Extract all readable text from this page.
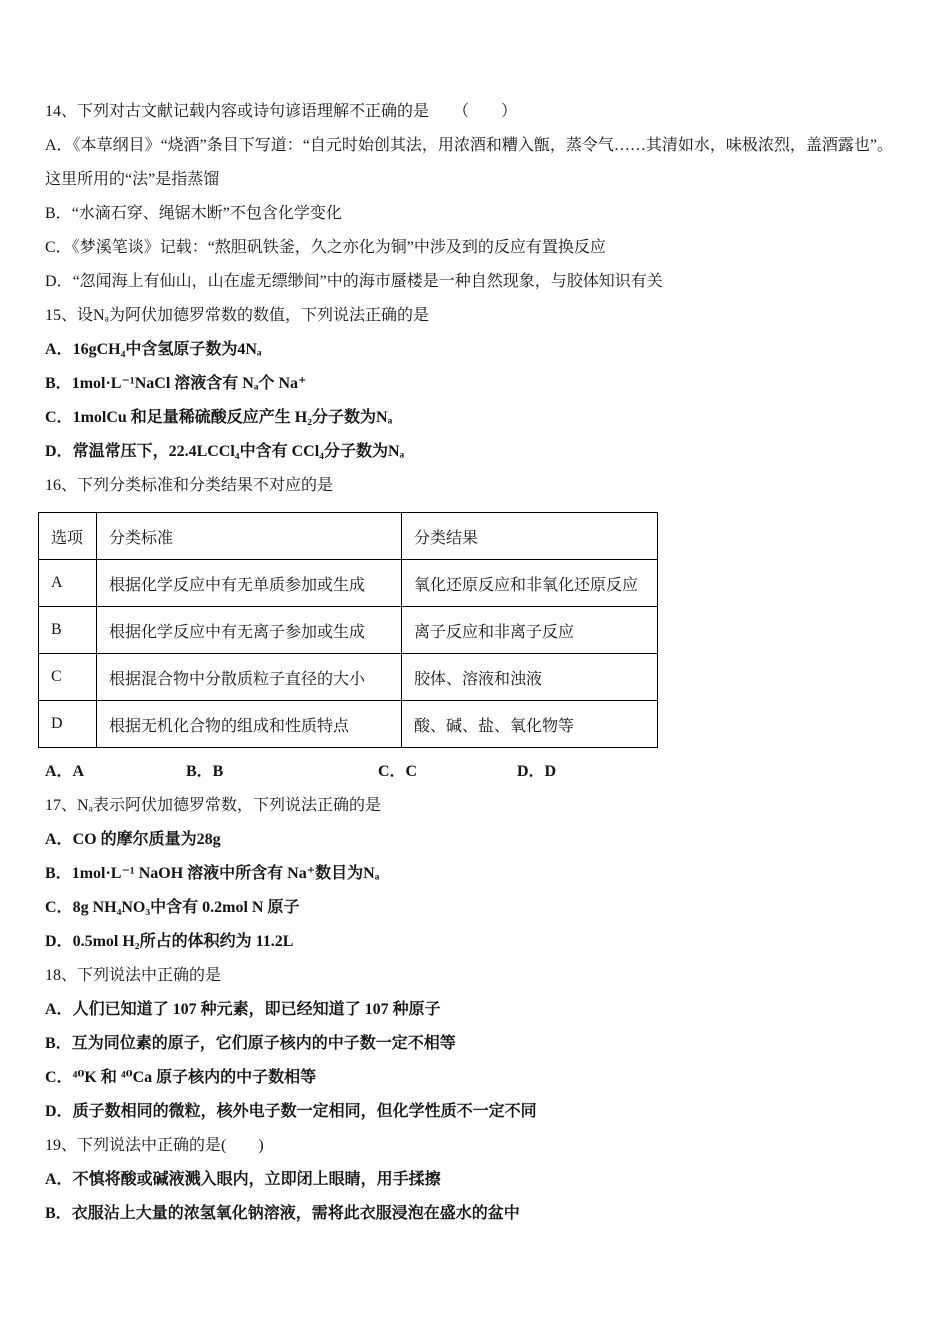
14、下列对古文献记载内容或诗句谚语理解不正确的是　　（　　）

A．《本草纲目》“烧酒”条目下写道：“自元时始创其法，用浓酒和糟入甑，蒸令气……其清如水，味极浓烈，盖酒露也”。这里所用的“法”是指蒸馏

B．“水滴石穿、绳锯木断”不包含化学变化

C．《梦溪笔谈》记载：“熬胆矾铁釜，久之亦化为铜”中涉及到的反应有置换反应

D．“忽闻海上有仙山，山在虚无缥缈间”中的海市蜃楼是一种自然现象，与胶体知识有关

15、设Nₐ为阿伏加德罗常数的数值，下列说法正确的是

A．16gCH₄中含氢原子数为4Nₐ

B．1mol·L⁻¹NaCl 溶液含有 Nₐ个 Na⁺

C．1molCu 和足量稀硫酸反应产生 H₂分子数为Nₐ

D．常温常压下，22.4LCCl₄中含有 CCl₄分子数为Nₐ

16、下列分类标准和分类结果不对应的是

选项	分类标准	分类结果
A	根据化学反应中有无单质参加或生成	氧化还原反应和非氧化还原反应
B	根据化学反应中有无离子参加或生成	离子反应和非离子反应
C	根据混合物中分散质粒子直径的大小	胶体、溶液和浊液
D	根据无机化合物的组成和性质特点	酸、碱、盐、氧化物等
A．A	B．B	C．C	D．D

17、Nₐ表示阿伏加德罗常数，下列说法正确的是

A．CO 的摩尔质量为28g

B．1mol·L⁻¹ NaOH 溶液中所含有 Na⁺数目为Nₐ

C．8g NH₄NO₃中含有 0.2mol N 原子

D．0.5mol H₂所占的体积约为 11.2L

18、下列说法中正确的是

A．人们已知道了 107 种元素，即已经知道了 107 种原子

B．互为同位素的原子，它们原子核内的中子数一定不相等

C．⁴⁰K 和 ⁴⁰Ca 原子核内的中子数相等

D．质子数相同的微粒，核外电子数一定相同，但化学性质不一定不同

19、下列说法中正确的是(　　)

A．不慎将酸或碱液溅入眼内，立即闭上眼睛，用手揉擦

B．衣服沾上大量的浓氢氧化钠溶液，需将此衣服浸泡在盛水的盆中
